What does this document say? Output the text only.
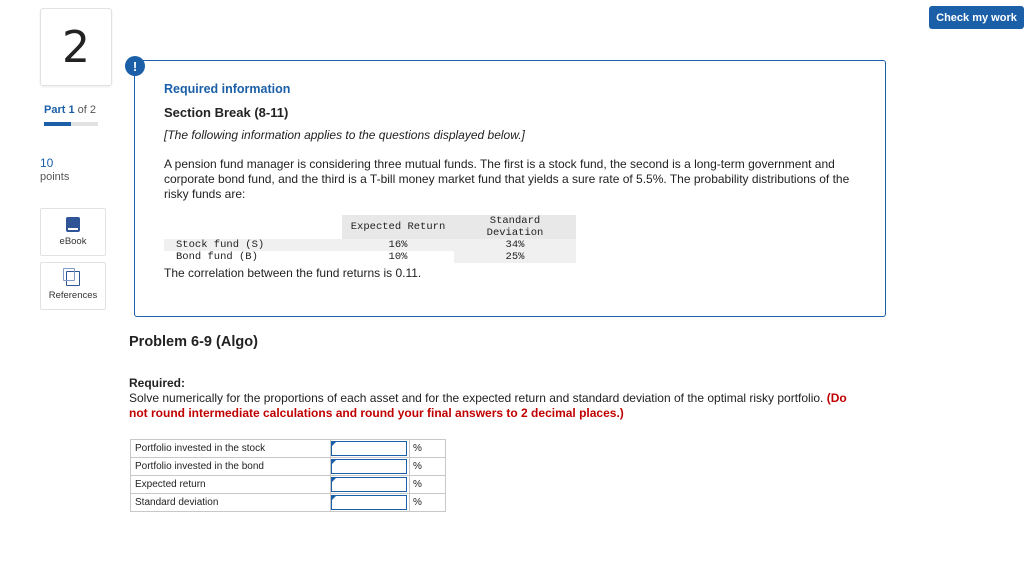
2
Part 1 of 2
10
points
eBook
References
Check my work
!
Required information
Section Break (8-11)
[The following information applies to the questions displayed below.]
A pension fund manager is considering three mutual funds. The first is a stock fund, the second is a long-term government and corporate bond fund, and the third is a T-bill money market fund that yields a sure rate of 5.5%. The probability distributions of the risky funds are:
	Expected Return	Standard Deviation
Stock fund (S)	16%	34%
Bond fund (B)	10%	25%
The correlation between the fund returns is 0.11.
Problem 6-9 (Algo)
Required:
Solve numerically for the proportions of each asset and for the expected return and standard deviation of the optimal risky portfolio. (Do not round intermediate calculations and round your final answers to 2 decimal places.)
Portfolio invested in the stock		%
Portfolio invested in the bond		%
Expected return		%
Standard deviation		%
